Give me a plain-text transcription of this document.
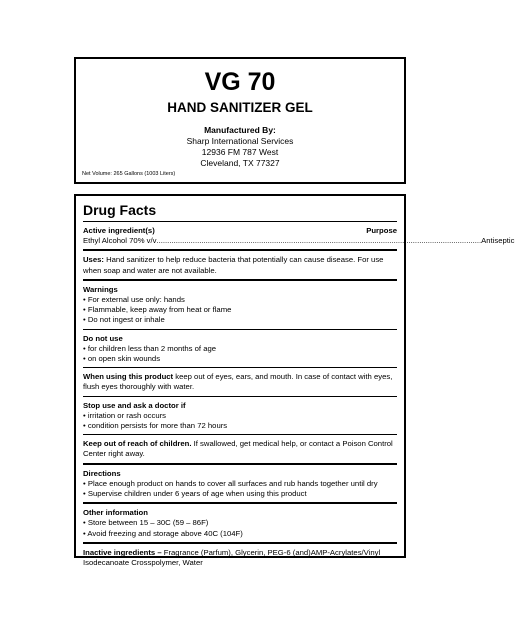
VG 70
HAND SANITIZER GEL
Manufactured By:
Sharp International Services
12936 FM 787 West
Cleveland, TX 77327
Net Volume: 265 Gallons (1003 Liters)
Drug Facts
Active ingredient(s)	Purpose
Ethyl Alcohol 70% v/v ........................................................................................................................................................ Antiseptic
Uses: Hand sanitizer to help reduce bacteria that potentially can cause disease. For use when soap and water are not available.
Warnings
• For external use only: hands
• Flammable, keep away from heat or flame
• Do not ingest or inhale
Do not use
• for children less than 2 months of age
• on open skin wounds
When using this product keep out of eyes, ears, and mouth. In case of contact with eyes, flush eyes thoroughly with water.
Stop use and ask a doctor if
• irritation or rash occurs
• condition persists for more than 72 hours
Keep out of reach of children. If swallowed, get medical help, or contact a Poison Control Center right away.
Directions
• Place enough product on hands to cover all surfaces and rub hands together until dry
• Supervise children under 6 years of age when using this product
Other information
• Store between 15 – 30C (59 – 86F)
• Avoid freezing and storage above 40C (104F)
Inactive ingredients – Fragrance (Parfum), Glycerin, PEG-6 (and)AMP-Acrylates/Vinyl Isodecanoate Crosspolymer, Water
